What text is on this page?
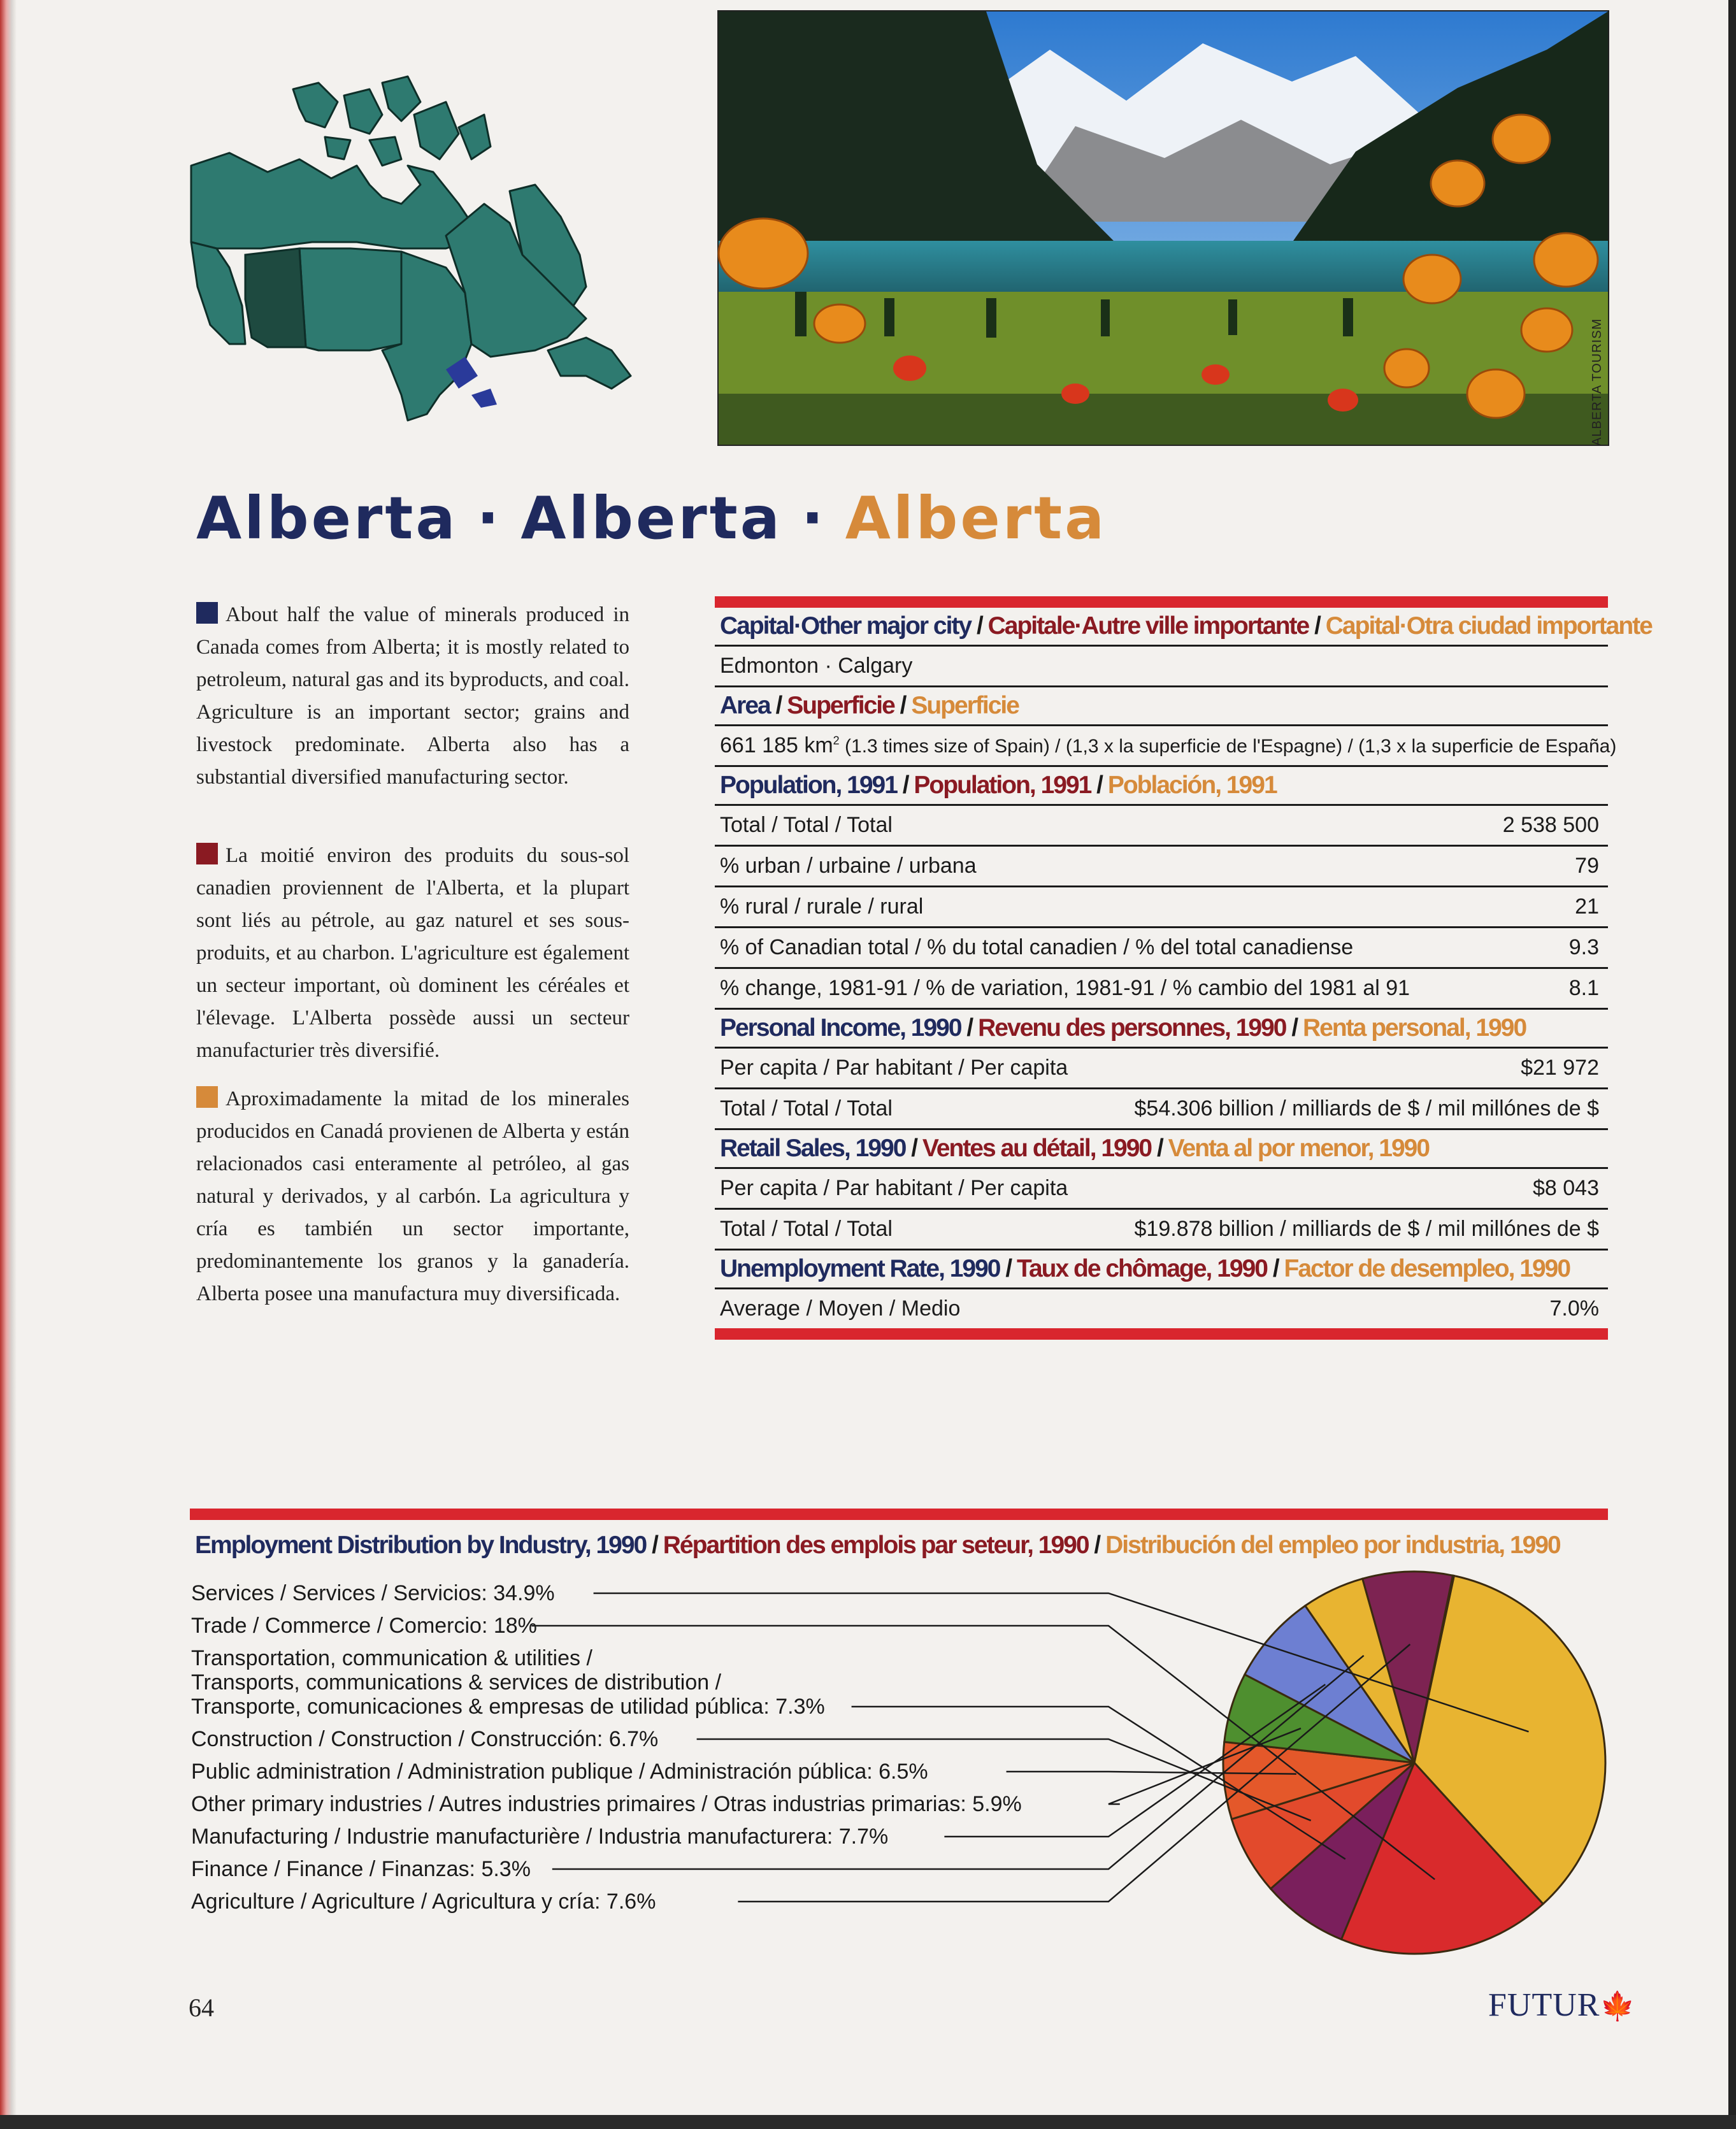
Alberta · Alberta · Alberta
About half the value of minerals produced in Canada comes from Alberta; it is mostly related to petroleum, natural gas and its byproducts, and coal. Agriculture is an important sector; grains and livestock predominate. Alberta also has a substantial diversified manufacturing sector.
La moitié environ des produits du sous-sol canadien proviennent de l'Alberta, et la plupart sont liés au pétrole, au gaz naturel et ses sous-produits, et au charbon. L'agriculture est également un secteur important, où dominent les céréales et l'élevage. L'Alberta possède aussi un secteur manufacturier très diversifié.
Aproximadamente la mitad de los minerales producidos en Canadá provienen de Alberta y están relacionados casi enteramente al petróleo, al gas natural y derivados, y al carbón. La agricultura y cría es también un sector importante, predominantemente los granos y la ganadería. Alberta posee una manufactura muy diversificada.
Capital·Other major city / Capitale·Autre ville importante / Capital·Otra ciudad importante
Edmonton · Calgary
Area / Superficie / Superficie
661 185 $km^2$ (1.3 times size of Spain) / (1,3 x la superficie de l'Espagne) / (1,3 x la superficie de España)
Population, 1991 / Population, 1991 / Población, 1991
Total / Total / Total	2 538 500
% urban / urbaine / urbana	79
% rural / rurale / rural	21
% of Canadian total / % du total canadien / % del total canadiense	9.3
% change, 1981-91 / % de variation, 1981-91 / % cambio del 1981 al 91	8.1
Personal Income, 1990 / Revenu des personnes, 1990 / Renta personal, 1990
Per capita / Par habitant / Per capita	$21 972
Total / Total / Total	$54.306 billion / milliards de $ / mil millónes de $
Retail Sales, 1990 / Ventes au détail, 1990 / Venta al por menor, 1990
Per capita / Par habitant / Per capita	$8 043
Total / Total / Total	$19.878 billion / milliards de $ / mil millónes de $
Unemployment Rate, 1990 / Taux de chômage, 1990 / Factor de desempleo, 1990
Average / Moyen / Medio	7.0%
Employment Distribution by Industry, 1990 / Répartition des emplois par seteur, 1990 / Distribución del empleo por industria, 1990
Services / Services / Servicios: 34.9%
Trade / Commerce / Comercio: 18%
Transportation, communication & utilities /
Transports, communications & services de distribution /
Transporte, comunicaciones & empresas de utilidad pública: 7.3%
Construction / Construction / Construcción: 6.7%
Public administration / Administration publique / Administración pública: 6.5%
Other primary industries / Autres industries primaires / Otras industrias primarias: 5.9%
Manufacturing / Industrie manufacturière / Industria manufacturera: 7.7%
Finance / Finance / Finanzas: 5.3%
Agriculture / Agriculture / Agricultura y cría: 7.6%
64	FUTUR🍁
